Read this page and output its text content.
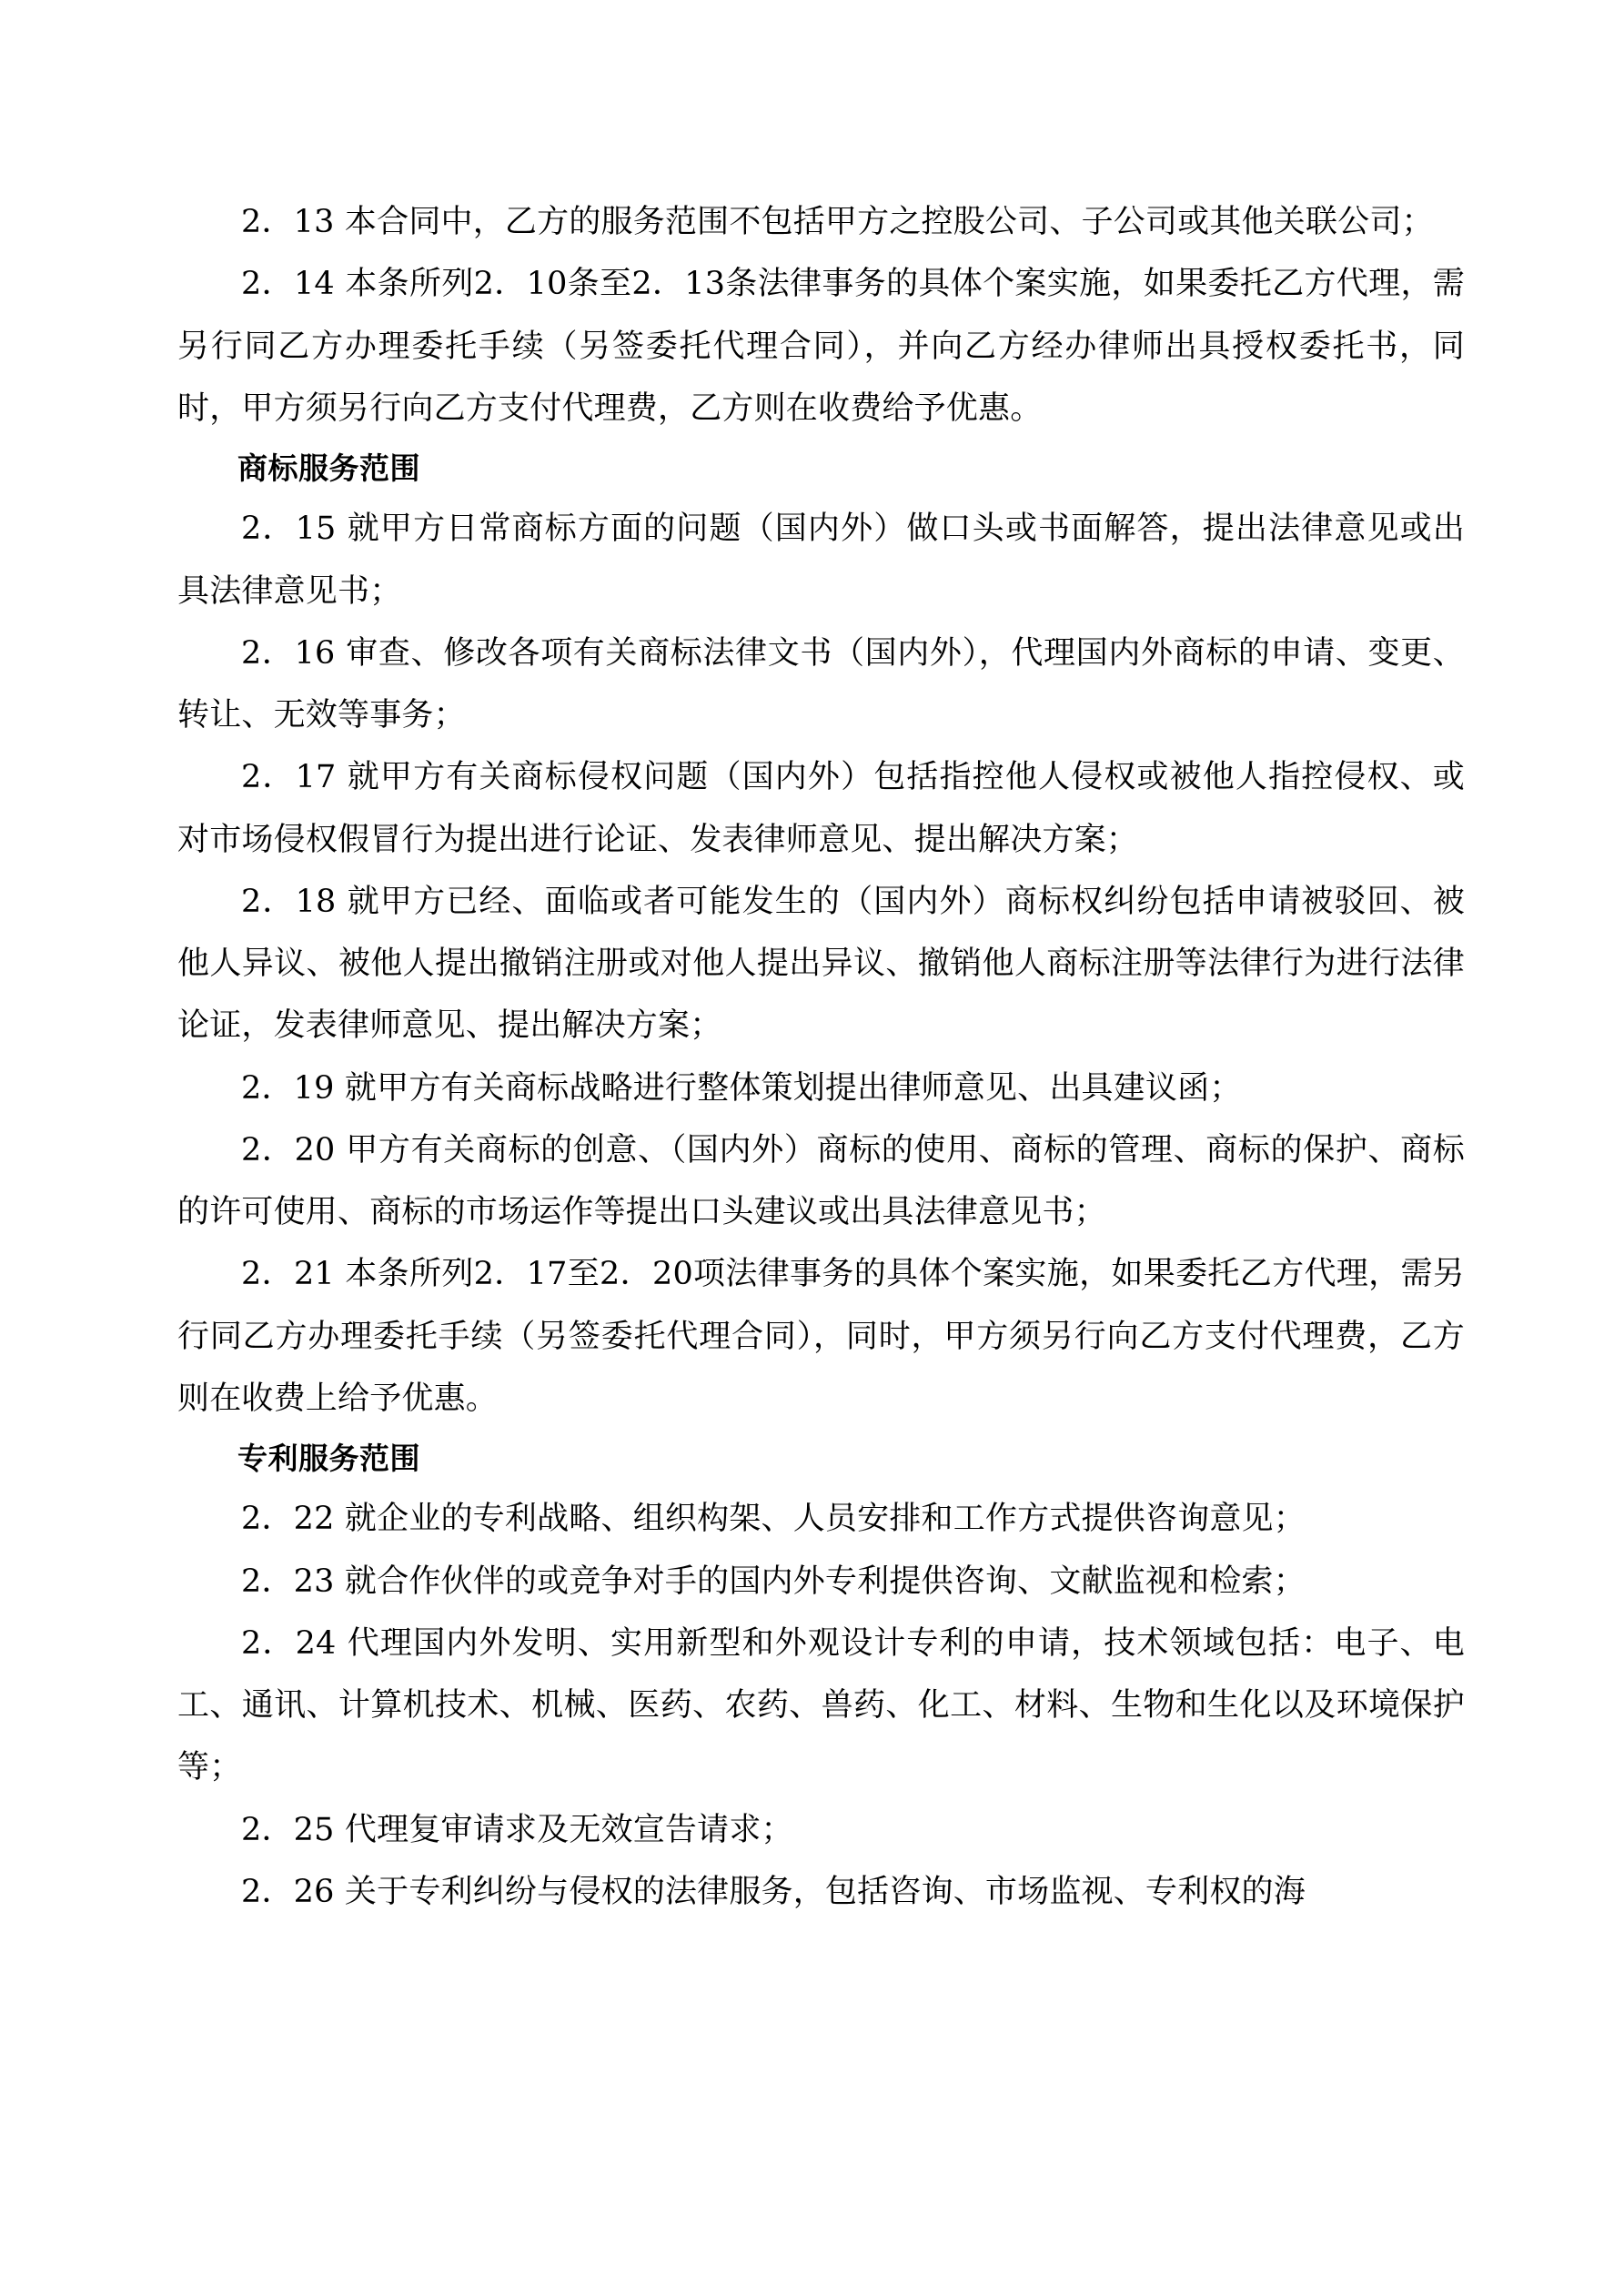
2．13 本合同中，乙方的服务范围不包括甲方之控股公司、子公司或其他关联公司；

2．14 本条所列2．10条至2．13条法律事务的具体个案实施，如果委托乙方代理，需另行同乙方办理委托手续（另签委托代理合同），并向乙方经办律师出具授权委托书，同时，甲方须另行向乙方支付代理费，乙方则在收费给予优惠。

商标服务范围

2．15 就甲方日常商标方面的问题（国内外）做口头或书面解答，提出法律意见或出具法律意见书；

2．16 审查、修改各项有关商标法律文书（国内外），代理国内外商标的申请、变更、转让、无效等事务；

2．17 就甲方有关商标侵权问题（国内外）包括指控他人侵权或被他人指控侵权、或对市场侵权假冒行为提出进行论证、发表律师意见、提出解决方案；

2．18 就甲方已经、面临或者可能发生的（国内外）商标权纠纷包括申请被驳回、被他人异议、被他人提出撤销注册或对他人提出异议、撤销他人商标注册等法律行为进行法律论证，发表律师意见、提出解决方案；

2．19 就甲方有关商标战略进行整体策划提出律师意见、出具建议函；

2．20 甲方有关商标的创意、（国内外）商标的使用、商标的管理、商标的保护、商标的许可使用、商标的市场运作等提出口头建议或出具法律意见书；

2．21 本条所列2．17至2．20项法律事务的具体个案实施，如果委托乙方代理，需另行同乙方办理委托手续（另签委托代理合同），同时，甲方须另行向乙方支付代理费，乙方则在收费上给予优惠。

专利服务范围

2．22 就企业的专利战略、组织构架、人员安排和工作方式提供咨询意见；

2．23 就合作伙伴的或竞争对手的国内外专利提供咨询、文献监视和检索；

2．24 代理国内外发明、实用新型和外观设计专利的申请，技术领域包括：电子、电工、通讯、计算机技术、机械、医药、农药、兽药、化工、材料、生物和生化以及环境保护等；

2．25 代理复审请求及无效宣告请求；

2．26 关于专利纠纷与侵权的法律服务，包括咨询、市场监视、专利权的海
